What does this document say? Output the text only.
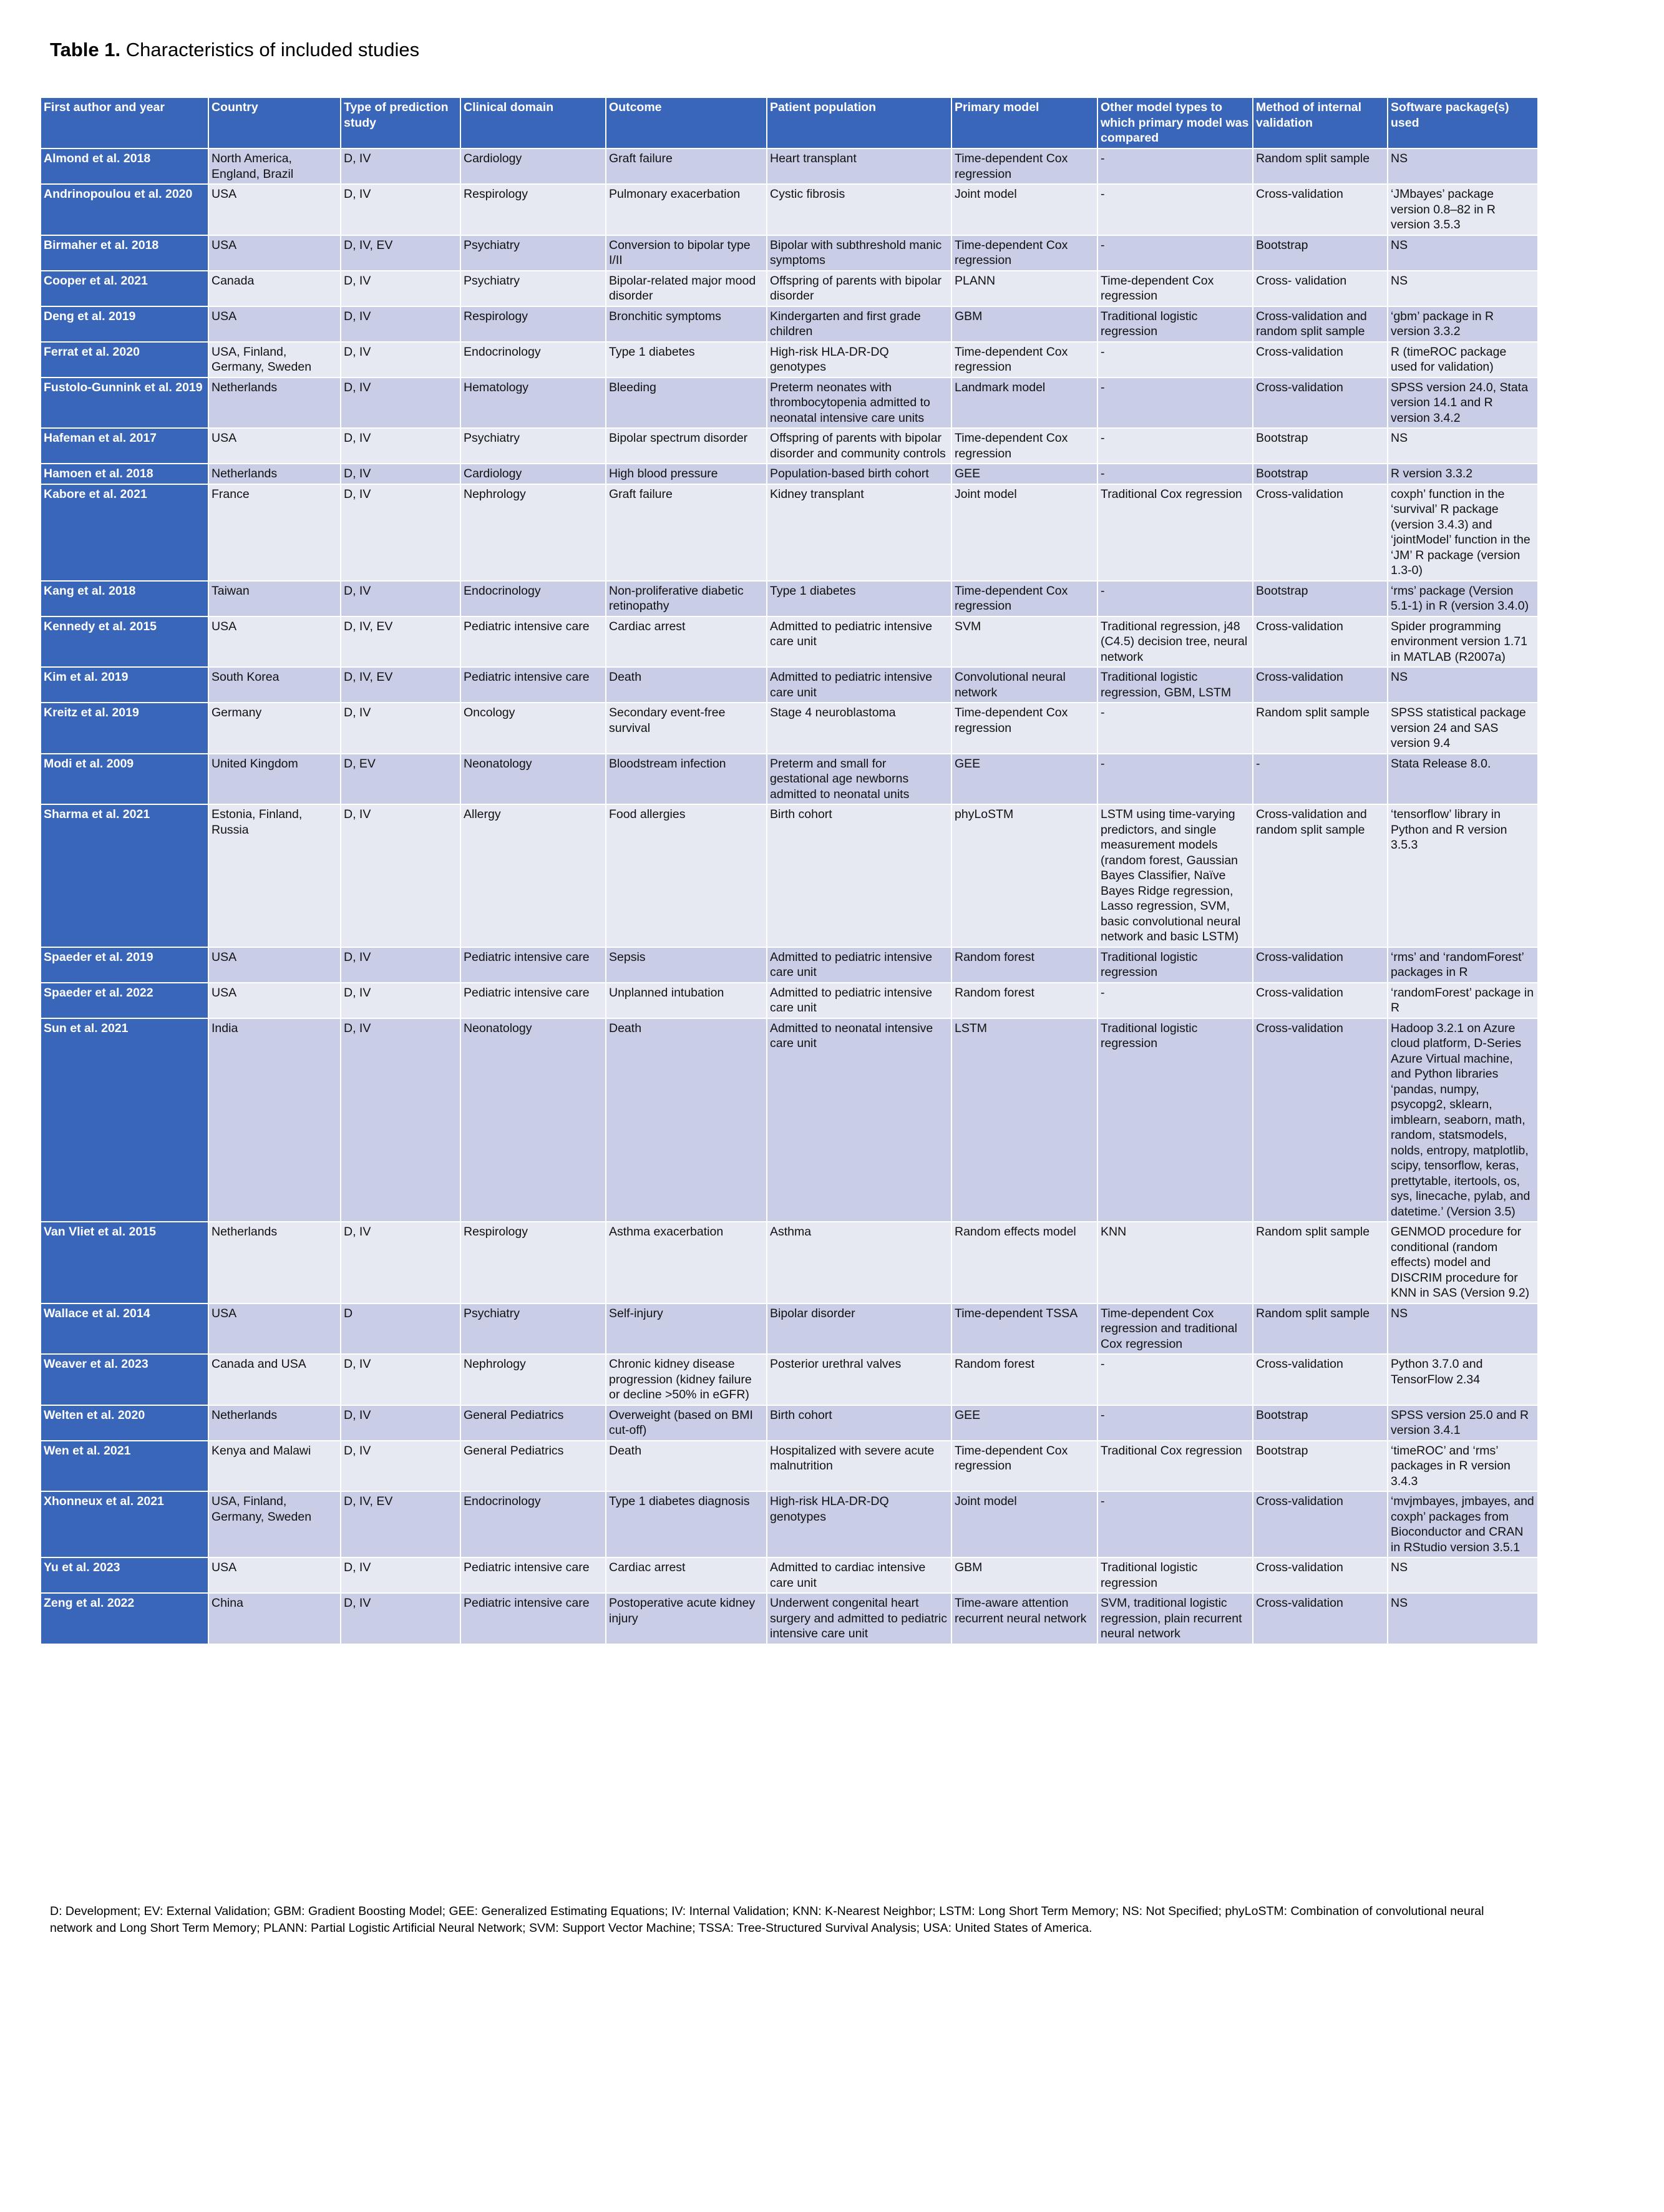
Table 1. Characteristics of included studies
First author and year	Country	Type of prediction study	Clinical domain	Outcome	Patient population	Primary model	Other model types to which primary model was compared	Method of internal validation	Software package(s) used
Almond et al. 2018	North America, England, Brazil	D, IV	Cardiology	Graft failure	Heart transplant	Time-dependent Cox regression	-	Random split sample	NS
Andrinopoulou et al. 2020	USA	D, IV	Respirology	Pulmonary exacerbation	Cystic fibrosis	Joint model	-	Cross-validation	‘JMbayes’ package version 0.8–82 in R version 3.5.3
Birmaher et al. 2018	USA	D, IV, EV	Psychiatry	Conversion to bipolar type I/II	Bipolar with subthreshold manic symptoms	Time-dependent Cox regression	-	Bootstrap	NS
Cooper et al. 2021	Canada	D, IV	Psychiatry	Bipolar-related major mood disorder	Offspring of parents with bipolar disorder	PLANN	Time-dependent Cox regression	Cross- validation	NS
Deng et al. 2019	USA	D, IV	Respirology	Bronchitic symptoms	Kindergarten and first grade children	GBM	Traditional logistic regression	Cross-validation and random split sample	‘gbm’ package in R version 3.3.2
Ferrat et al. 2020	USA, Finland, Germany, Sweden	D, IV	Endocrinology	Type 1 diabetes	High-risk HLA-DR-DQ genotypes	Time-dependent Cox regression	-	Cross-validation	R (timeROC package used for validation)
Fustolo-Gunnink et al. 2019	Netherlands	D, IV	Hematology	Bleeding	Preterm neonates with thrombocytopenia admitted to neonatal intensive care units	Landmark model	-	Cross-validation	SPSS version 24.0, Stata version 14.1 and R version 3.4.2
Hafeman et al. 2017	USA	D, IV	Psychiatry	Bipolar spectrum disorder	Offspring of parents with bipolar disorder and community controls	Time-dependent Cox regression	-	Bootstrap	NS
Hamoen et al. 2018	Netherlands	D, IV	Cardiology	High blood pressure	Population-based birth cohort	GEE	-	Bootstrap	R version 3.3.2
Kabore et al. 2021	France	D, IV	Nephrology	Graft failure	Kidney transplant	Joint model	Traditional Cox regression	Cross-validation	coxph’ function in the ‘survival’ R package (version 3.4.3) and ‘jointModel’ function in the ‘JM’ R package (version 1.3-0)
Kang et al. 2018	Taiwan	D, IV	Endocrinology	Non-proliferative diabetic retinopathy	Type 1 diabetes	Time-dependent Cox regression	-	Bootstrap	‘rms’ package (Version 5.1-1) in R (version 3.4.0)
Kennedy et al. 2015	USA	D, IV, EV	Pediatric intensive care	Cardiac arrest	Admitted to pediatric intensive care unit	SVM	Traditional regression, j48 (C4.5) decision tree, neural network	Cross-validation	Spider programming environment version 1.71 in MATLAB (R2007a)
Kim et al. 2019	South Korea	D, IV, EV	Pediatric intensive care	Death	Admitted to pediatric intensive care unit	Convolutional neural network	Traditional logistic regression, GBM, LSTM	Cross-validation	NS
Kreitz et al. 2019	Germany	D, IV	Oncology	Secondary event-free survival	Stage 4 neuroblastoma	Time-dependent Cox regression	-	Random split sample	SPSS statistical package version 24 and SAS version 9.4
Modi et al. 2009	United Kingdom	D, EV	Neonatology	Bloodstream infection	Preterm and small for gestational age newborns admitted to neonatal units	GEE	-	-	Stata Release 8.0.
Sharma et al. 2021	Estonia, Finland, Russia	D, IV	Allergy	Food allergies	Birth cohort	phyLoSTM	LSTM using time-varying predictors, and single measurement models (random forest, Gaussian Bayes Classifier, Naïve Bayes Ridge regression, Lasso regression, SVM, basic convolutional neural network and basic LSTM)	Cross-validation and random split sample	‘tensorflow’ library in Python and R version 3.5.3
Spaeder et al. 2019	USA	D, IV	Pediatric intensive care	Sepsis	Admitted to pediatric intensive care unit	Random forest	Traditional logistic regression	Cross-validation	‘rms’ and ‘randomForest’ packages in R
Spaeder et al. 2022	USA	D, IV	Pediatric intensive care	Unplanned intubation	Admitted to pediatric intensive care unit	Random forest	-	Cross-validation	‘randomForest’ package in R
Sun et al. 2021	India	D, IV	Neonatology	Death	Admitted to neonatal intensive care unit	LSTM	Traditional logistic regression	Cross-validation	Hadoop 3.2.1 on Azure cloud platform, D-Series Azure Virtual machine, and Python libraries ‘pandas, numpy, psycopg2, sklearn, imblearn, seaborn, math, random, statsmodels, nolds, entropy, matplotlib, scipy, tensorflow, keras, prettytable, itertools, os, sys, linecache, pylab, and datetime.’ (Version 3.5)
Van Vliet et al. 2015	Netherlands	D, IV	Respirology	Asthma exacerbation	Asthma	Random effects model	KNN	Random split sample	GENMOD procedure for conditional (random effects) model and DISCRIM procedure for KNN in SAS (Version 9.2)
Wallace et al. 2014	USA	D	Psychiatry	Self-injury	Bipolar disorder	Time-dependent TSSA	Time-dependent Cox regression and traditional Cox regression	Random split sample	NS
Weaver et al. 2023	Canada and USA	D, IV	Nephrology	Chronic kidney disease progression (kidney failure or decline >50% in eGFR)	Posterior urethral valves	Random forest	-	Cross-validation	Python 3.7.0 and TensorFlow 2.34
Welten et al. 2020	Netherlands	D, IV	General Pediatrics	Overweight (based on BMI cut-off)	Birth cohort	GEE	-	Bootstrap	SPSS version 25.0 and R version 3.4.1
Wen et al. 2021	Kenya and Malawi	D, IV	General Pediatrics	Death	Hospitalized with severe acute malnutrition	Time-dependent Cox regression	Traditional Cox regression	Bootstrap	‘timeROC’ and ‘rms’ packages in R version 3.4.3
Xhonneux et al. 2021	USA, Finland, Germany, Sweden	D, IV, EV	Endocrinology	Type 1 diabetes diagnosis	High-risk HLA-DR-DQ genotypes	Joint model	-	Cross-validation	‘mvjmbayes, jmbayes, and coxph’ packages from Bioconductor and CRAN in RStudio version 3.5.1
Yu et al. 2023	USA	D, IV	Pediatric intensive care	Cardiac arrest	Admitted to cardiac intensive care unit	GBM	Traditional logistic regression	Cross-validation	NS
Zeng et al. 2022	China	D, IV	Pediatric intensive care	Postoperative acute kidney injury	Underwent congenital heart surgery and admitted to pediatric intensive care unit	Time-aware attention recurrent neural network	SVM, traditional logistic regression, plain recurrent neural network	Cross-validation	NS
D: Development; EV: External Validation; GBM: Gradient Boosting Model; GEE: Generalized Estimating Equations; IV: Internal Validation; KNN: K-Nearest Neighbor; LSTM: Long Short Term Memory; NS: Not Specified; phyLoSTM: Combination of convolutional neural network and Long Short Term Memory; PLANN: Partial Logistic Artificial Neural Network; SVM: Support Vector Machine; TSSA: Tree-Structured Survival Analysis; USA: United States of America.
